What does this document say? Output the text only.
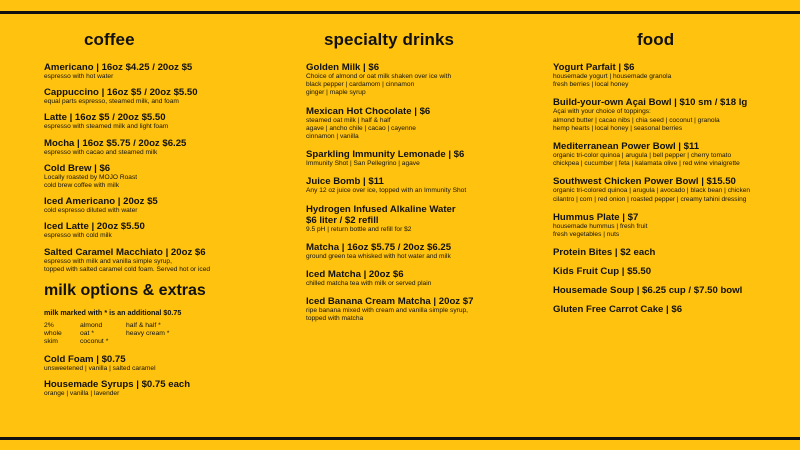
coffee
Americano | 16oz $4.25 / 20oz $5
espresso with hot water
Cappuccino | 16oz $5 / 20oz $5.50
equal parts espresso, steamed milk, and foam
Latte | 16oz $5 / 20oz $5.50
espresso with steamed milk and light foam
Mocha | 16oz $5.75 / 20oz $6.25
espresso with cacao and steamed milk
Cold Brew | $6
Locally roasted by MOJO Roast
cold brew coffee with milk
Iced Americano | 20oz $5
cold espresso diluted with water
Iced Latte | 20oz $5.50
espresso with cold milk
Salted Caramel Macchiato | 20oz $6
espresso with milk and vanilla simple syrup,
topped with salted caramel cold foam. Served hot or iced
milk options & extras
milk marked with * is an additional $0.75
2%	almond	half & half *
whole	oat *	heavy cream *
skim	coconut *
Cold Foam | $0.75
unsweetened | vanilla | salted caramel
Housemade Syrups | $0.75 each
orange | vanilla | lavender
specialty drinks
Golden Milk | $6
Choice of almond or oat milk shaken over ice with
black pepper | cardamom | cinnamon
ginger | maple syrup
Mexican Hot Chocolate | $6
steamed oat milk | half & half
agave | ancho chile | cacao | cayenne
cinnamon | vanilla
Sparkling Immunity Lemonade | $6
Immunity Shot | San Pellegrino | agave
Juice Bomb | $11
Any 12 oz juice over ice, topped with an Immunity Shot
Hydrogen Infused Alkaline Water
$6 liter / $2 refill
9.5 pH | return bottle and refill for $2
Matcha | 16oz $5.75 / 20oz $6.25
ground green tea whisked with hot water and milk
Iced Matcha | 20oz $6
chilled matcha tea with milk or served plain
Iced Banana Cream Matcha | 20oz $7
ripe banana mixed with cream and vanilla simple syrup,
topped with matcha
food
Yogurt Parfait | $6
housemade yogurt | housemade granola
fresh berries | local honey
Build-your-own Açai Bowl | $10 sm / $18 lg
Açai with your choice of toppings:
almond butter | cacao nibs | chia seed | coconut | granola
hemp hearts | local honey | seasonal berries
Mediterranean Power Bowl | $11
organic tri-color quinoa | arugula | bell pepper | cherry tomato
chickpea | cucumber | feta | kalamata olive | red wine vinaigrette
Southwest Chicken Power Bowl | $15.50
organic tri-colored quinoa | arugula | avocado | black bean | chicken
cilantro | corn | red onion | roasted pepper | creamy tahini dressing
Hummus Plate | $7
housemade hummus | fresh fruit
fresh vegetables | nuts
Protein Bites | $2 each
Kids Fruit Cup | $5.50
Housemade Soup | $6.25 cup / $7.50 bowl
Gluten Free Carrot Cake | $6
